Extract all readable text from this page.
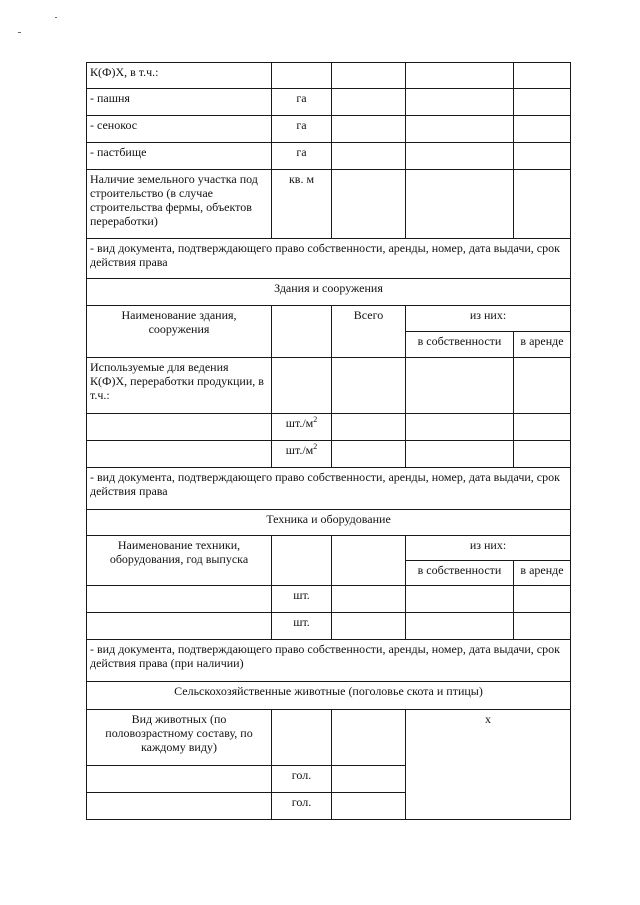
К(Ф)Х, в т.ч.:				
- пашня	га			
- сенокос	га			
- пастбище	га			
Наличие земельного участка под строительство (в случае строительства фермы, объектов переработки)	кв. м			
- вид документа, подтверждающего право собственности, аренды, номер, дата выдачи, срок действия права				
Здания и сооружения				
Наименование здания, сооружения		Всего	из них:	
			в собственности	в аренде
Используемые для ведения К(Ф)Х, переработки продукции, в т.ч.:				
	$шт./м^2$			
	$шт./м^2$			
- вид документа, подтверждающего право собственности, аренды, номер, дата выдачи, срок действия права				
Техника и оборудование				
Наименование техники, оборудования, год выпуска			из них:	
			в собственности	в аренде
	шт.			
	шт.			
- вид документа, подтверждающего право собственности, аренды, номер, дата выдачи, срок действия права (при наличии)				
Сельскохозяйственные животные (поголовье скота и птицы)				
Вид животных (по половозрастному составу, по каждому виду)			х	
	гол.			
	гол.			
